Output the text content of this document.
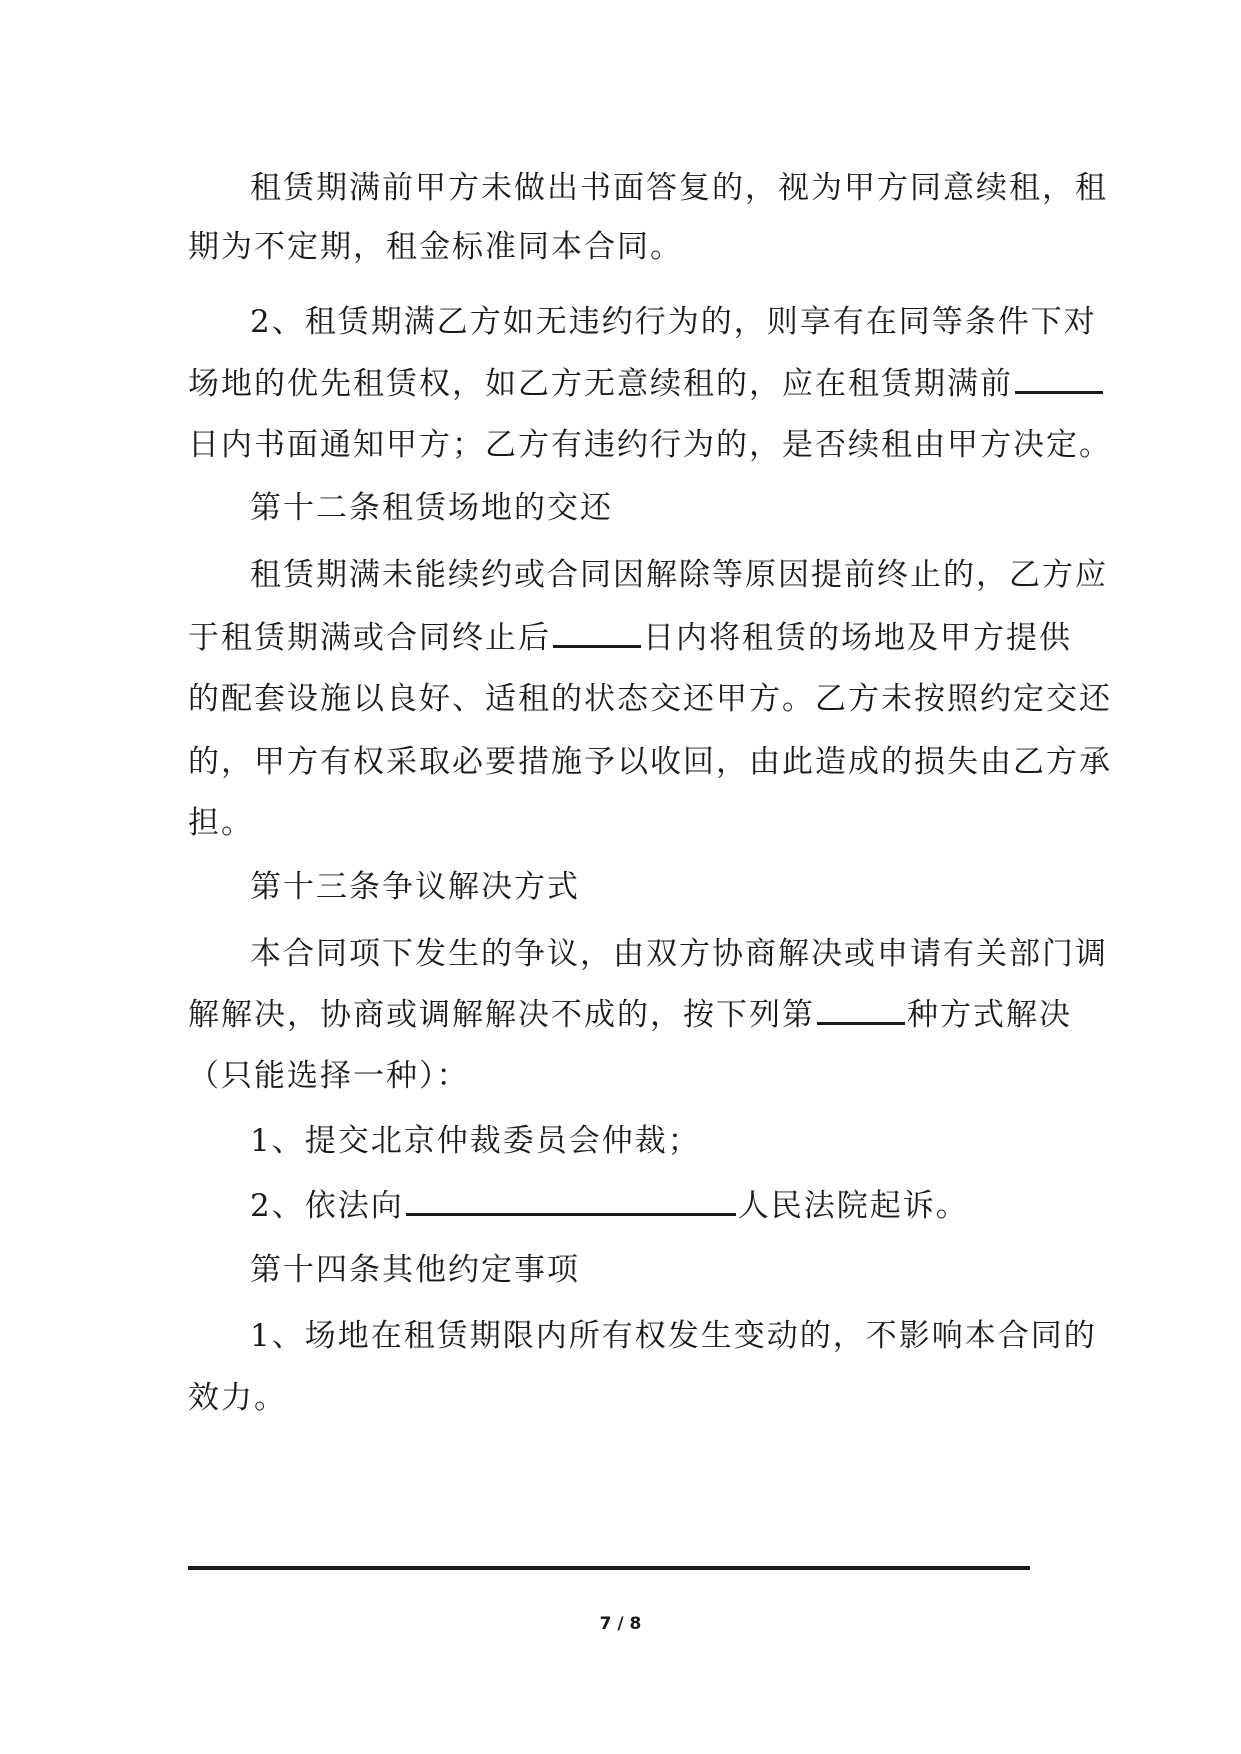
租赁期满前甲方未做出书面答复的，视为甲方同意续租，租
期为不定期，租金标准同本合同。
2、租赁期满乙方如无违约行为的，则享有在同等条件下对
场地的优先租赁权，如乙方无意续租的，应在租赁期满前
日内书面通知甲方；乙方有违约行为的，是否续租由甲方决定。
第十二条租赁场地的交还
租赁期满未能续约或合同因解除等原因提前终止的，乙方应
于租赁期满或合同终止后	日内将租赁的场地及甲方提供
的配套设施以良好、适租的状态交还甲方。乙方未按照约定交还
的，甲方有权采取必要措施予以收回，由此造成的损失由乙方承
担。
第十三条争议解决方式
本合同项下发生的争议，由双方协商解决或申请有关部门调
解解决，协商或调解解决不成的，按下列第	种方式解决
（只能选择一种）：
1、提交北京仲裁委员会仲裁；
2、依法向	人民法院起诉。
第十四条其他约定事项
1、场地在租赁期限内所有权发生变动的，不影响本合同的
效力。
7 / 8
